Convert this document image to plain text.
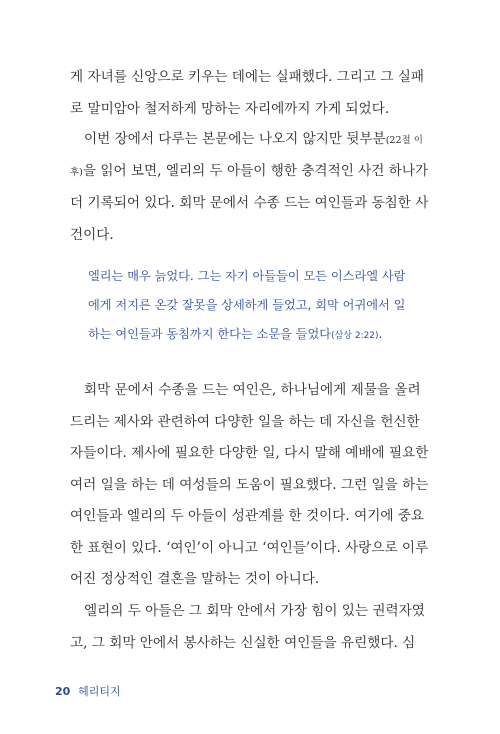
게 자녀를 신앙으로 키우는 데에는 실패했다. 그리고 그 실패
로 말미암아 철저하게 망하는 자리에까지 가게 되었다.

이번 장에서 다루는 본문에는 나오지 않지만 뒷부분(22절 이

후)을 읽어 보면, 엘리의 두 아들이 행한 충격적인 사건 하나가
더 기록되어 있다. 회막 문에서 수종 드는 여인들과 동침한 사
건이다.

엘리는 매우 늙었다. 그는 자기 아들들이 모든 이스라엘 사람
에게 저지른 온갖 잘못을 상세하게 들었고, 회막 어귀에서 일
하는 여인들과 동침까지 한다는 소문을 들었다(삼상 2:22).

회막 문에서 수종을 드는 여인은, 하나님에게 제물을 올려

드리는 제사와 관련하여 다양한 일을 하는 데 자신을 헌신한
자들이다. 제사에 필요한 다양한 일, 다시 말해 예배에 필요한
여러 일을 하는 데 여성들의 도움이 필요했다. 그런 일을 하는
여인들과 엘리의 두 아들이 성관계를 한 것이다. 여기에 중요
한 표현이 있다. ‘여인’이 아니고 ‘여인들’이다. 사랑으로 이루
어진 정상적인 결혼을 말하는 것이 아니다.

엘리의 두 아들은 그 회막 안에서 가장 힘이 있는 권력자였

고, 그 회막 안에서 봉사하는 신실한 여인들을 유린했다. 심

20 헤리티지
